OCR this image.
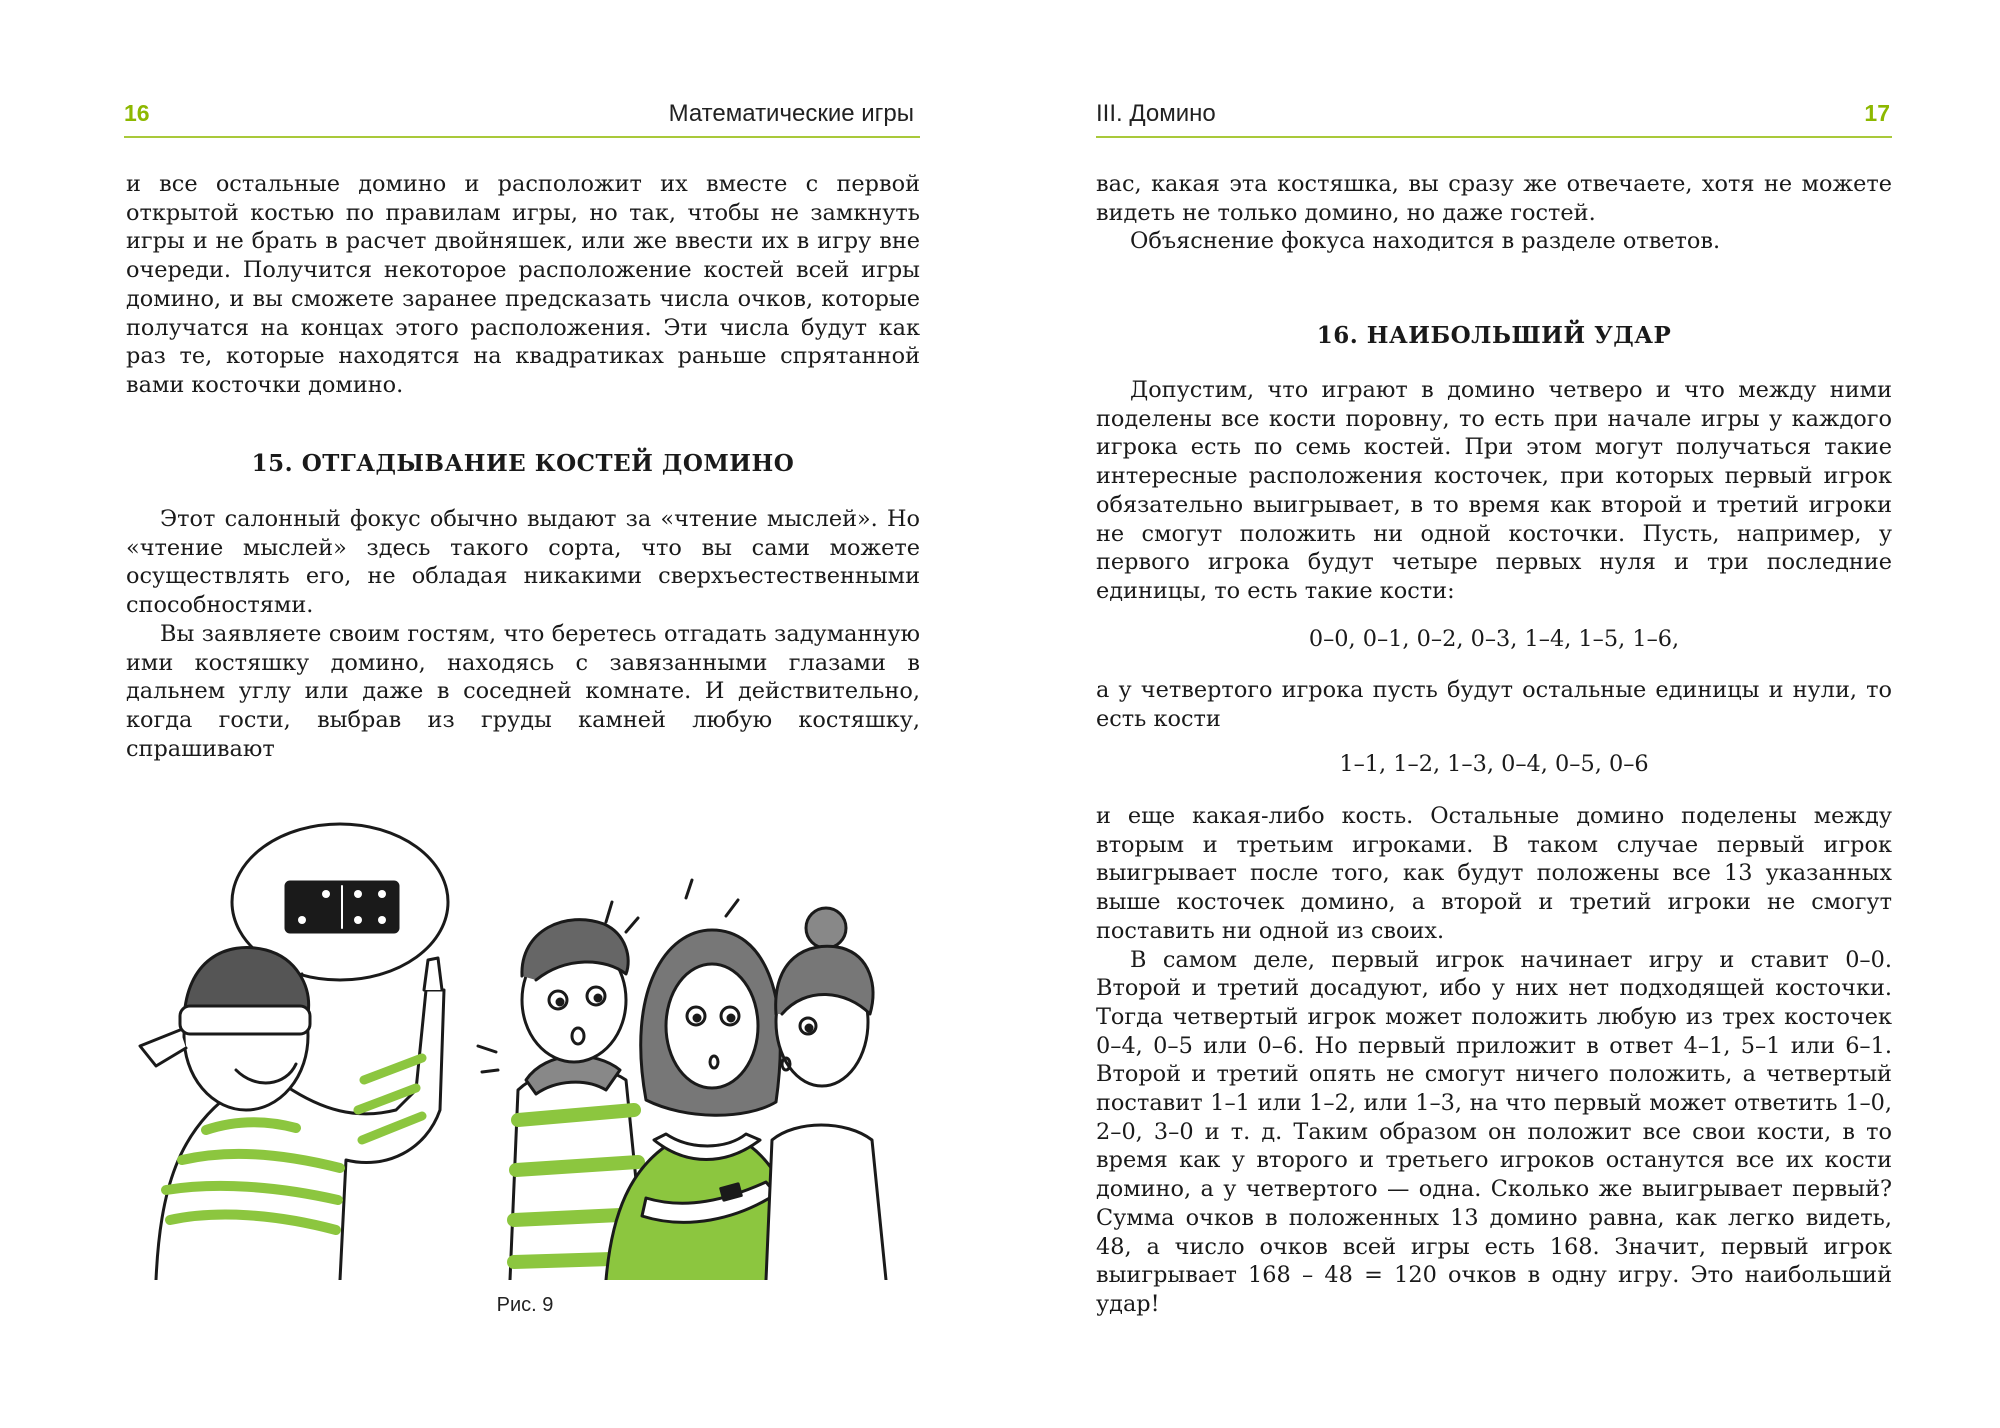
16	Математические игры

и все остальные домино и расположит их вместе с первой открытой костью по правилам игры, но так, чтобы не замкнуть игры и не брать в расчет двойняшек, или же ввести их в игру вне очереди. Получится некоторое расположение костей всей игры домино, и вы сможете заранее предсказать числа очков, которые получатся на концах этого расположения. Эти числа будут как раз те, которые находятся на квадратиках раньше спрятанной вами косточки домино.

15. ОТГАДЫВАНИЕ КОСТЕЙ ДОМИНО

Этот салонный фокус обычно выдают за «чтение мыслей». Но «чтение мыслей» здесь такого сорта, что вы сами можете осуществлять его, не обладая никакими сверхъестественными способностями.

Вы заявляете своим гостям, что беретесь отгадать задуманную ими костяшку домино, находясь с завязанными глазами в дальнем углу или даже в соседней комнате. И действительно, когда гости, выбрав из груды камней любую костяшку, спрашивают

Рис. 9
III. Домино	17

вас, какая эта костяшка, вы сразу же отвечаете, хотя не можете видеть не только домино, но даже гостей.

Объяснение фокуса находится в разделе ответов.

16. НАИБОЛЬШИЙ УДАР

Допустим, что играют в домино четверо и что между ними поделены все кости поровну, то есть при начале игры у каждого игрока есть по семь костей. При этом могут получаться такие интересные расположения косточек, при которых первый игрок обязательно выигрывает, в то время как второй и третий игроки не смогут положить ни одной косточки. Пусть, например, у первого игрока будут четыре первых нуля и три последние единицы, то есть такие кости:

0–0, 0–1, 0–2, 0–3, 1–4, 1–5, 1–6,

а у четвертого игрока пусть будут остальные единицы и нули, то есть кости

1–1, 1–2, 1–3, 0–4, 0–5, 0–6

и еще какая-либо кость. Остальные домино поделены между вторым и третьим игроками. В таком случае первый игрок выигрывает после того, как будут положены все 13 указанных выше косточек домино, а второй и третий игроки не смогут поставить ни одной из своих.

В самом деле, первый игрок начинает игру и ставит 0–0. Второй и третий досадуют, ибо у них нет подходящей косточки. Тогда четвертый игрок может положить любую из трех косточек 0–4, 0–5 или 0–6. Но первый приложит в ответ 4–1, 5–1 или 6–1. Второй и третий опять не смогут ничего положить, а четвертый поставит 1–1 или 1–2, или 1–3, на что первый может ответить 1–0, 2–0, 3–0 и т. д. Таким образом он положит все свои кости, в то время как у второго и третьего игроков останутся все их кости домино, а у четвертого — одна. Сколько же выигрывает первый? Сумма очков в положенных 13 домино равна, как легко видеть, 48, а число очков всей игры есть 168. Значит, первый игрок выигрывает 168 – 48 = 120 очков в одну игру. Это наибольший удар!
